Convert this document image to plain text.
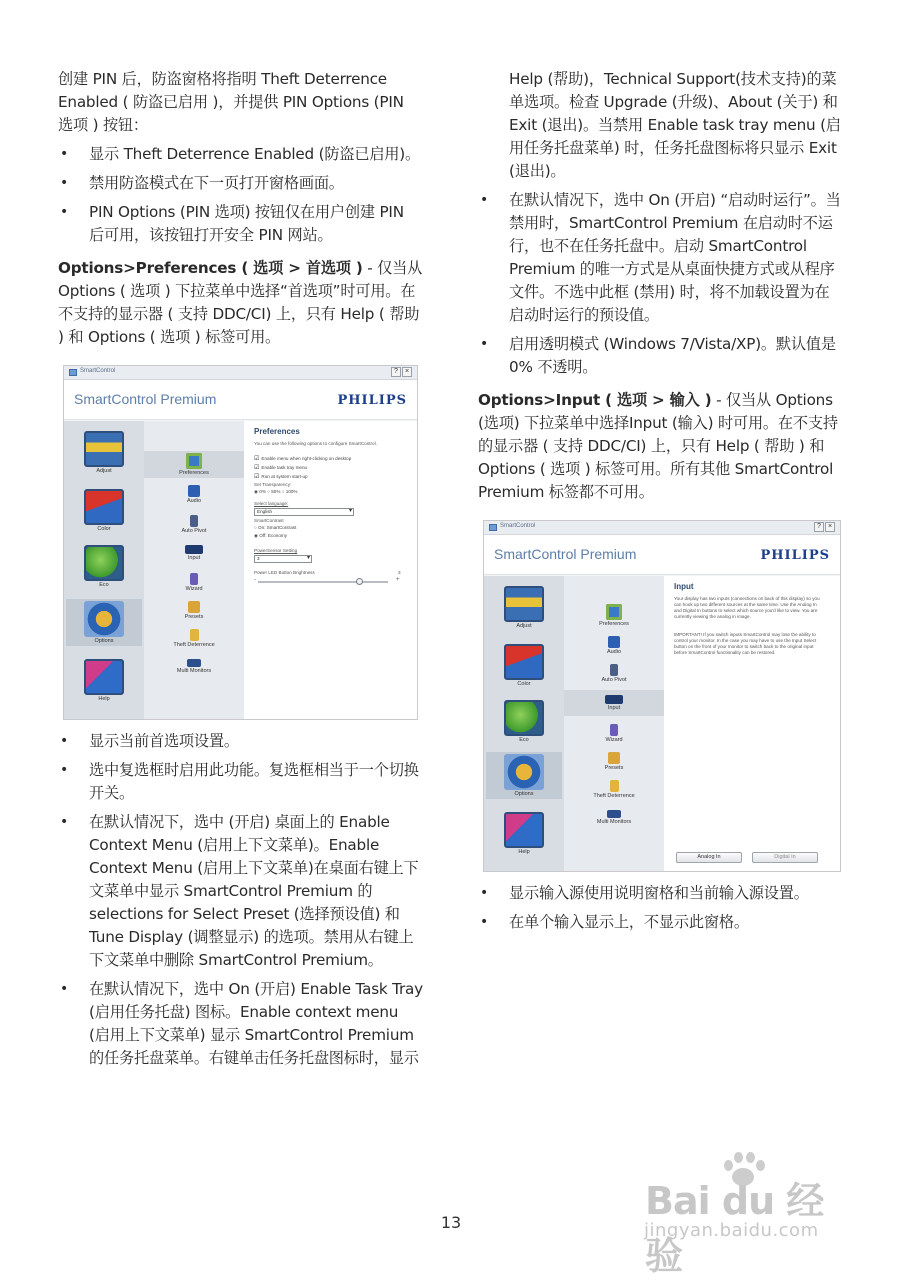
创建 PIN 后，防盗窗格将指明 Theft Deterrence Enabled ( 防盗已启用 )，并提供 PIN Options (PIN 选项 ) 按钮：

• 显示 Theft Deterrence Enabled (防盗已启用)。
• 禁用防盗模式在下一页打开窗格画面。
• PIN Options (PIN 选项) 按钮仅在用户创建 PIN 后可用，该按钮打开安全 PIN 网站。

Options>Preferences ( 选项 > 首选项 ) - 仅当从 Options ( 选项 ) 下拉菜单中选择“首选项”时可用。在不支持的显示器 ( 支持 DDC/CI) 上，只有 Help ( 帮助 ) 和 Options ( 选项 ) 标签可用。

SmartControl	? ×
SmartControl Premium	PHILIPS
Adjust
Color
Eco
Options
Help
Preferences
Audio
Auto Pivot
Input
Wizard
Presets
Theft Deterrence
Multi Monitors
Preferences
You can use the following options to configure SmartControl.
☑ Enable menu when right-clicking on desktop
☑ Enable task tray menu
☑ Run at system start-up
Set Transparency:
◉ 0% ○ 50% ○ 100%
Select language:
English ▾
SmartContrast
○ On: SmartContrast
◉ Off: Economy
PowerSensor Setting
3 ▾
Power LED Button Brightness	3
-	+
• 显示当前首选项设置。
• 选中复选框时启用此功能。复选框相当于一个切换开关。
• 在默认情况下，选中 (开启) 桌面上的 Enable Context Menu (启用上下文菜单)。Enable Context Menu (启用上下文菜单)在桌面右键上下文菜单中显示 SmartControl Premium 的 selections for Select Preset (选择预设值) 和Tune Display (调整显示) 的选项。禁用从右键上下文菜单中删除 SmartControl Premium。
• 在默认情况下，选中 On (开启) Enable Task Tray (启用任务托盘) 图标。Enable context menu (启用上下文菜单) 显示 SmartControl Premium 的任务托盘菜单。右键单击任务托盘图标时，显示

Help (帮助)，Technical Support(技术支持)的菜单选项。检查 Upgrade (升级)、About (关于) 和 Exit (退出)。当禁用 Enable task tray menu (启用任务托盘菜单) 时，任务托盘图标将只显示 Exit (退出)。

• 在默认情况下，选中 On (开启) “启动时运行”。当禁用时，SmartControl Premium 在启动时不运行，也不在任务托盘中。启动 SmartControl Premium 的唯一方式是从桌面快捷方式或从程序文件。不选中此框 (禁用) 时，将不加载设置为在启动时运行的预设值。
• 启用透明模式 (Windows 7/Vista/XP)。默认值是 0% 不透明。

Options>Input ( 选项 > 输入 ) - 仅当从 Options (选项) 下拉菜单中选择Input (输入) 时可用。在不支持的显示器 ( 支持 DDC/CI) 上，只有 Help ( 帮助 ) 和 Options ( 选项 ) 标签可用。所有其他 SmartControl Premium 标签都不可用。

SmartControl	? ×
SmartControl Premium	PHILIPS
Adjust
Color
Eco
Options
Help
Preferences
Audio
Auto Pivot
Input
Wizard
Presets
Theft Deterrence
Multi Monitors
Input
Your display has two inputs (connections on back of this display) so you can hook up two different sources at the same time. Use the Analog In and Digital In buttons to select which source you'd like to view. You are currently viewing the analog in image.
IMPORTANT! If you switch inputs SmartControl may lose the ability to control your monitor. In the case you may have to use the Input Select button on the front of your monitor to switch back to the original input before SmartControl functionality can be restored.
Analog In	Digital In
• 显示输入源使用说明窗格和当前输入源设置。
• 在单个输入显示上，不显示此窗格。
13	Bai du 经验
jingyan.baidu.com
